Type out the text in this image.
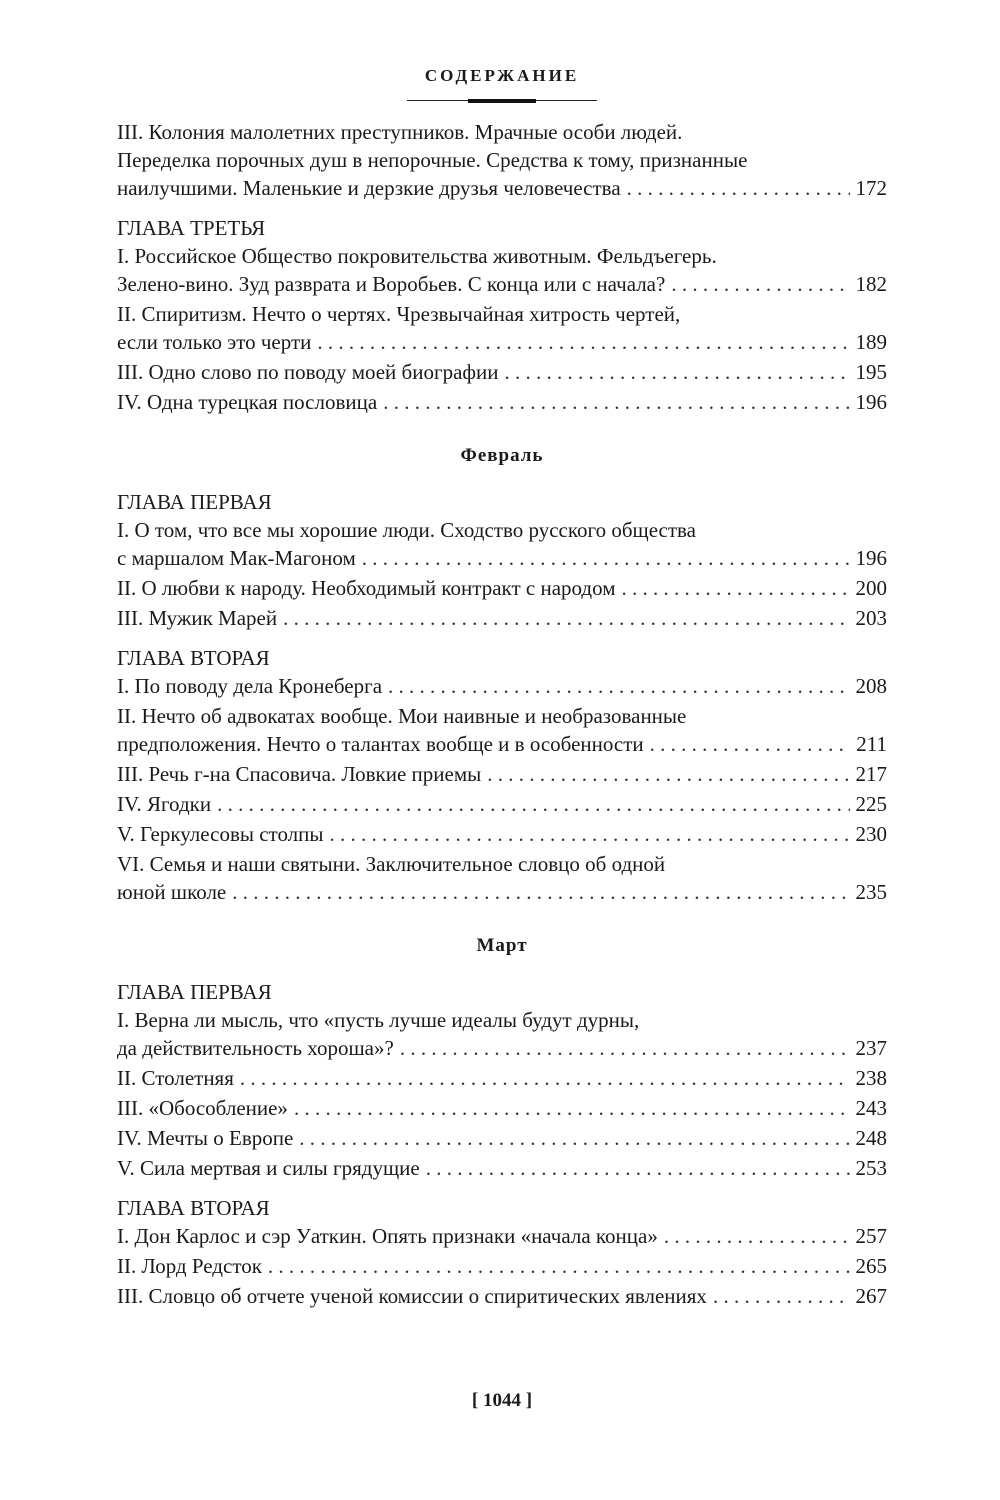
СОДЕРЖАНИЕ
III. Колония малолетних преступников. Мрачные особи людей.
Переделка порочных душ в непорочные. Средства к тому, признанные
наилучшими. Маленькие и дерзкие друзья человечества . . .	172
ГЛАВА ТРЕТЬЯ
I. Российское Общество покровительства животным. Фельдъегерь.
Зелено-вино. Зуд разврата и Воробьев. С конца или с начала? . . .	182
II. Спиритизм. Нечто о чертях. Чрезвычайная хитрость чертей,
если только это черти . . .	189
III. Одно слово по поводу моей биографии . . .	195
IV. Одна турецкая пословица . . .	196
Февраль
ГЛАВА ПЕРВАЯ
I. О том, что все мы хорошие люди. Сходство русского общества
с маршалом Мак-Магоном . . .	196
II. О любви к народу. Необходимый контракт с народом . . .	200
III. Мужик Марей . . .	203
ГЛАВА ВТОРАЯ
I. По поводу дела Кронеберга . . .	208
II. Нечто об адвокатах вообще. Мои наивные и необразованные
предположения. Нечто о талантах вообще и в особенности . . .	211
III. Речь г-на Спасовича. Ловкие приемы . . .	217
IV. Ягодки . . .	225
V. Геркулесовы столпы . . .	230
VI. Семья и наши святыни. Заключительное словцо об одной
юной школе . . .	235
Март
ГЛАВА ПЕРВАЯ
I. Верна ли мысль, что «пусть лучше идеалы будут дурны,
да действительность хороша»? . . .	237
II. Столетняя . . .	238
III. «Обособление» . . .	243
IV. Мечты о Европе . . .	248
V. Сила мертвая и силы грядущие . . .	253
ГЛАВА ВТОРАЯ
I. Дон Карлос и сэр Уаткин. Опять признаки «начала конца» . . .	257
II. Лорд Редсток . . .	265
III. Словцо об отчете ученой комиссии о спиритических явлениях . . .	267
[ 1044 ]
